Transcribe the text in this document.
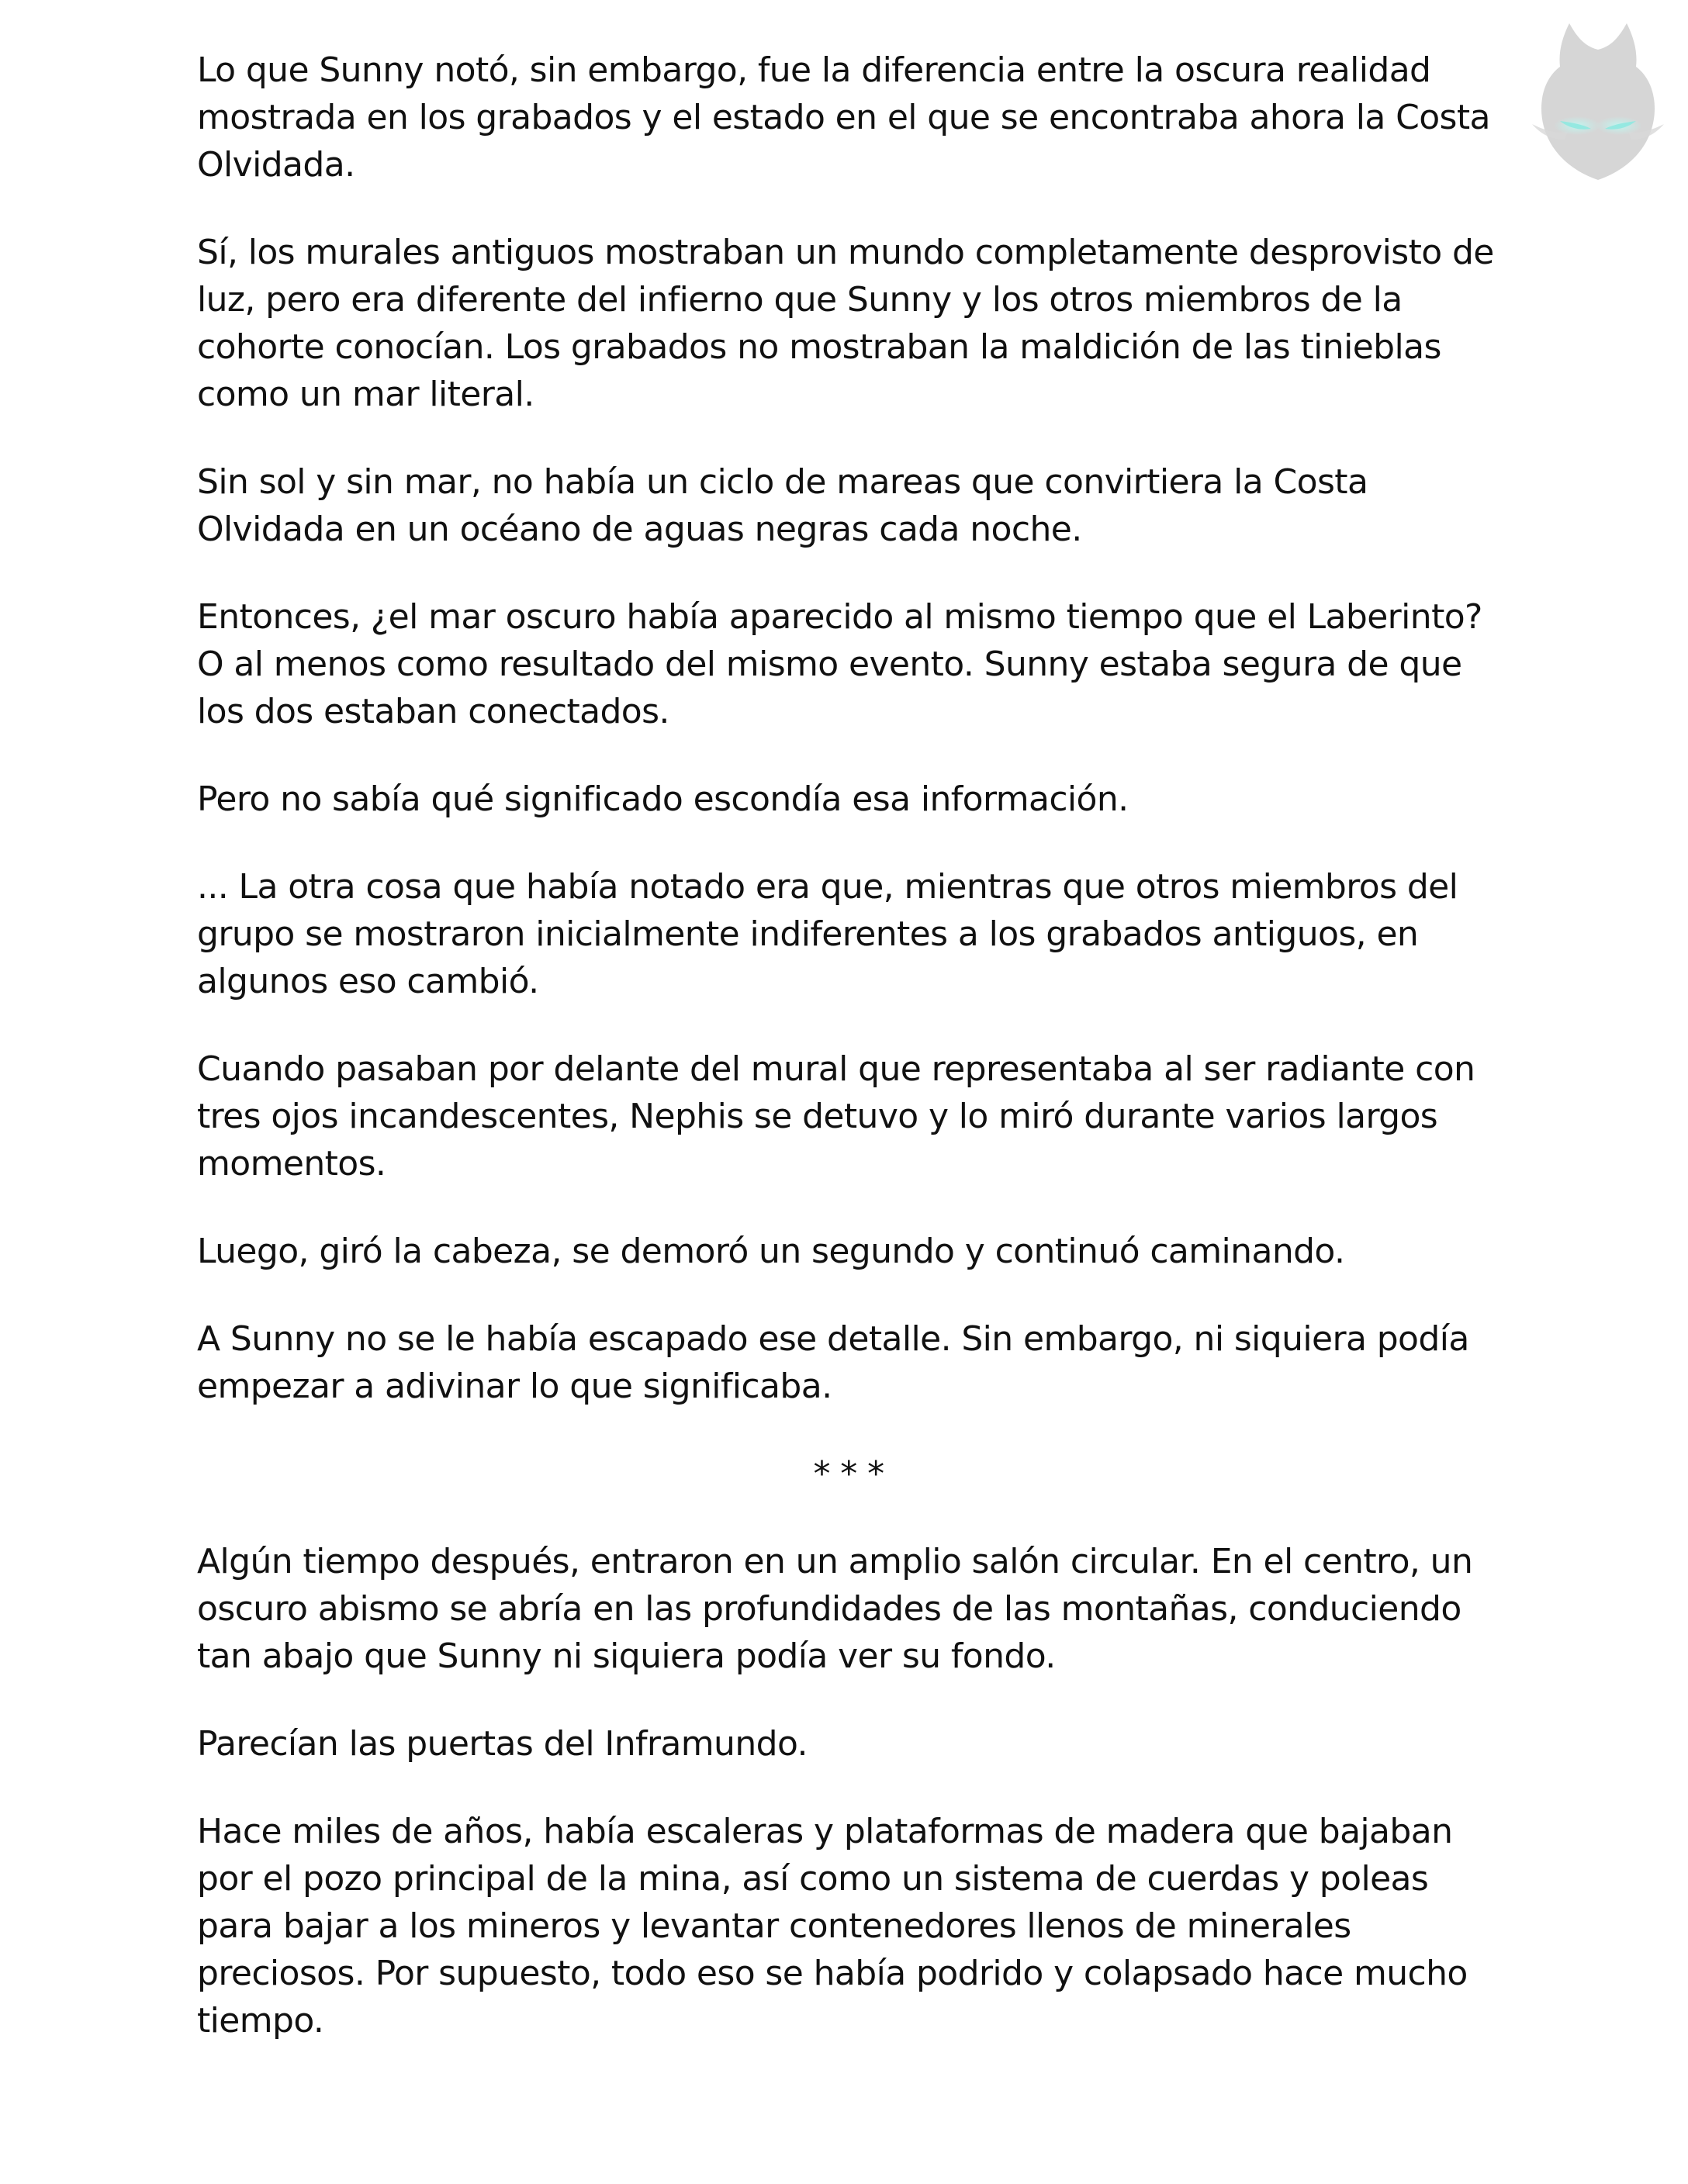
Lo que Sunny notó, sin embargo, fue la diferencia entre la oscura realidad mostrada en los grabados y el estado en el que se encontraba ahora la Costa Olvidada.

Sí, los murales antiguos mostraban un mundo completamente desprovisto de luz, pero era diferente del infierno que Sunny y los otros miembros de la cohorte conocían. Los grabados no mostraban la maldición de las tinieblas como un mar literal.

Sin sol y sin mar, no había un ciclo de mareas que convirtiera la Costa Olvidada en un océano de aguas negras cada noche.

Entonces, ¿el mar oscuro había aparecido al mismo tiempo que el Laberinto? O al menos como resultado del mismo evento. Sunny estaba segura de que los dos estaban conectados.

Pero no sabía qué significado escondía esa información.

... La otra cosa que había notado era que, mientras que otros miembros del grupo se mostraron inicialmente indiferentes a los grabados antiguos, en algunos eso cambió.

Cuando pasaban por delante del mural que representaba al ser radiante con tres ojos incandescentes, Nephis se detuvo y lo miró durante varios largos momentos.

Luego, giró la cabeza, se demoró un segundo y continuó caminando.

A Sunny no se le había escapado ese detalle. Sin embargo, ni siquiera podía empezar a adivinar lo que significaba.

* * *

Algún tiempo después, entraron en un amplio salón circular. En el centro, un oscuro abismo se abría en las profundidades de las montañas, conduciendo tan abajo que Sunny ni siquiera podía ver su fondo.

Parecían las puertas del Inframundo.

Hace miles de años, había escaleras y plataformas de madera que bajaban por el pozo principal de la mina, así como un sistema de cuerdas y poleas para bajar a los mineros y levantar contenedores llenos de minerales preciosos. Por supuesto, todo eso se había podrido y colapsado hace mucho tiempo.
